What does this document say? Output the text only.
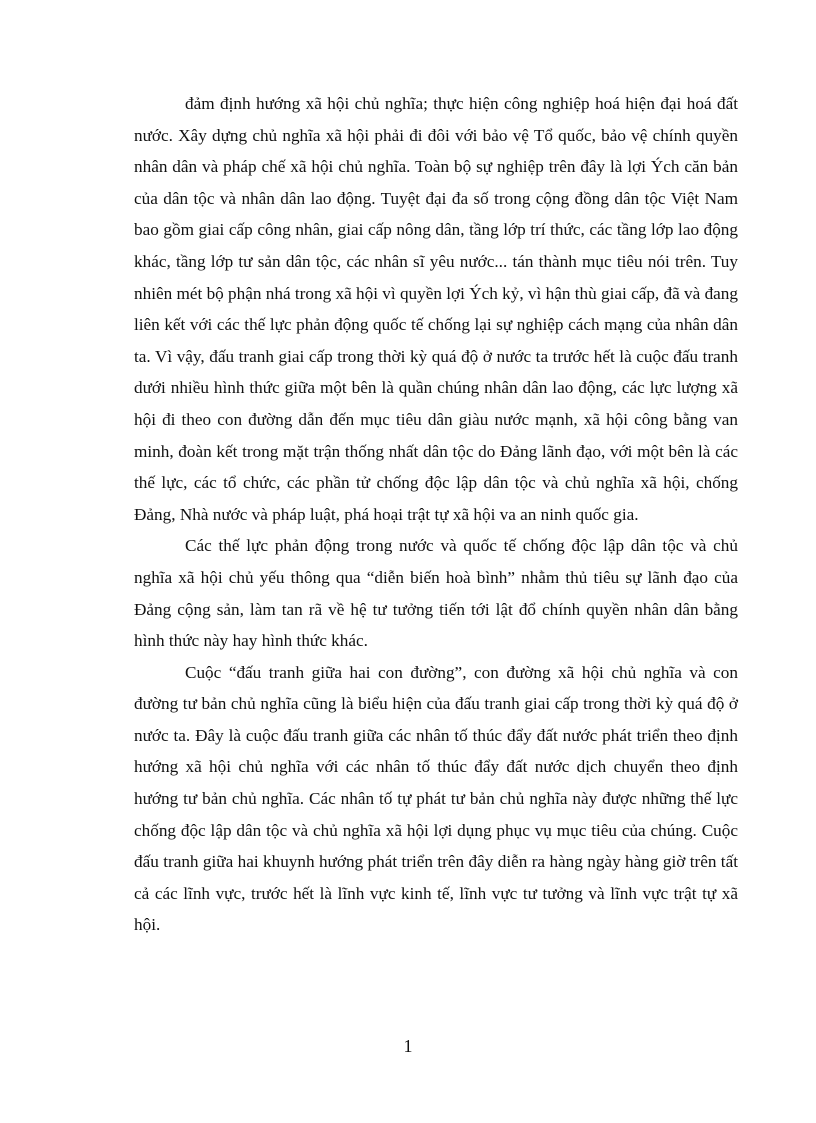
đảm định hướng xã hội chủ nghĩa; thực hiện công nghiệp hoá hiện đại hoá đất nước. Xây dựng chủ nghĩa xã hội phải đi đôi với bảo vệ Tổ quốc, bảo vệ chính quyền nhân dân và pháp chế xã hội chủ nghĩa. Toàn bộ sự nghiệp trên đây là lợi Ých căn bản của dân tộc và nhân dân lao động. Tuyệt đại đa số trong cộng đồng dân tộc Việt Nam bao gồm giai cấp công nhân, giai cấp nông dân, tầng lớp trí thức, các tầng lớp lao động khác, tầng lớp tư sản dân tộc, các nhân sĩ yêu nước... tán thành mục tiêu nói trên. Tuy nhiên mét bộ phận nhá trong xã hội vì quyền lợi Ých kỷ, vì hận thù giai cấp, đã và đang liên kết với các thế lực phản động quốc tế chống lại sự nghiệp cách mạng của nhân dân ta. Vì vậy, đấu tranh giai cấp trong thời kỳ quá độ ở nước ta trước hết là cuộc đấu tranh dưới nhiều hình thức giữa một bên là quần chúng nhân dân lao động, các lực lượng xã hội đi theo con đường dẫn đến mục tiêu dân giàu nước mạnh, xã hội công bằng van minh, đoàn kết trong mặt trận thống nhất dân tộc do Đảng lãnh đạo, với một bên là các thế lực, các tổ chức, các phần tử chống độc lập dân tộc và chủ nghĩa xã hội, chống Đảng, Nhà nước và pháp luật, phá hoại trật tự xã hội va an ninh quốc gia.

Các thế lực phản động trong nước và quốc tế chống độc lập dân tộc và chủ nghĩa xã hội chủ yếu thông qua “diễn biến hoà bình” nhằm thủ tiêu sự lãnh đạo của Đảng cộng sản, làm tan rã về hệ tư tưởng tiến tới lật đổ chính quyền nhân dân bằng hình thức này hay hình thức khác.

Cuộc “đấu tranh giữa hai con đường”, con đường xã hội chủ nghĩa và con đường tư bản chủ nghĩa cũng là biểu hiện của đấu tranh giai cấp trong thời kỳ quá độ ở nước ta. Đây là cuộc đấu tranh giữa các nhân tố thúc đẩy đất nước phát triển theo định hướng xã hội chủ nghĩa với các nhân tố thúc đẩy đất nước dịch chuyển theo định hướng tư bản chủ nghĩa. Các nhân tố tự phát tư bản chủ nghĩa này được những thế lực chống độc lập dân tộc và chủ nghĩa xã hội lợi dụng phục vụ mục tiêu của chúng. Cuộc đấu tranh giữa hai khuynh hướng phát triển trên đây diễn ra hàng ngày hàng giờ trên tất cả các lĩnh vực, trước hết là lĩnh vực kinh tế, lĩnh vực tư tưởng và lĩnh vực trật tự xã hội.

1
